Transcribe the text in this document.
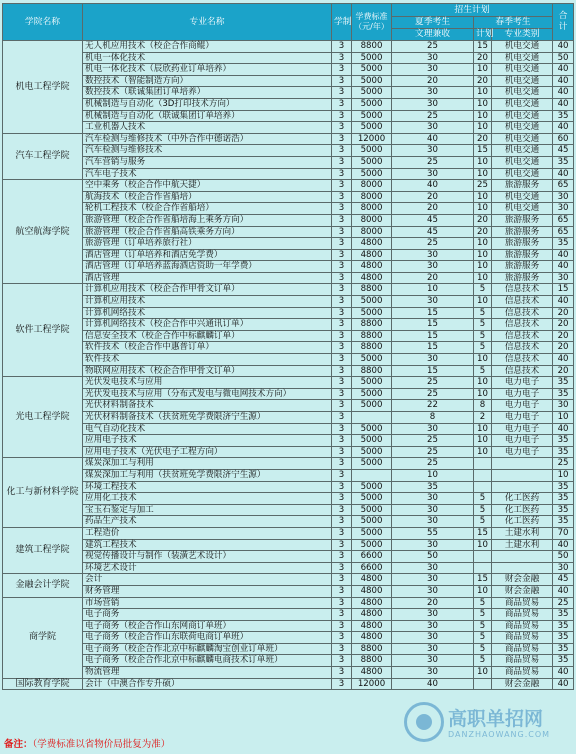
学院名称	专业名称	学制	学费标准（元/年）	招生计划			合计
				夏季考生	春季考生		
				文理兼收	计划	专业类别	
机电工程学院	无人机应用技术（校企合作商鲲）	3	8800	25	15	机电交通	40
	机电一体化技术	3	5000	30	20	机电交通	50
	机电一体化技术（辰欣药业订单培养）	3	5000	30	10	机电交通	40
	数控技术（智能制造方向）	3	5000	20	20	机电交通	40
	数控技术（联诚集团订单培养）	3	5000	30	10	机电交通	40
	机械制造与自动化（3D打印技术方向）	3	5000	30	10	机电交通	40
	机械制造与自动化（联诚集团订单培养）	3	5000	25	10	机电交通	35
	工业机器人技术	3	5000	30	10	机电交通	40
汽车工程学院	汽车检测与维修技术（中外合作中德诺浩）	3	12000	40	20	机电交通	60
	汽车检测与维修技术	3	5000	30	15	机电交通	45
	汽车营销与服务	3	5000	25	10	机电交通	35
	汽车电子技术	3	5000	30	10	机电交通	40
航空航海学院	空中乘务（校企合作中航天捷）	3	8000	40	25	旅游服务	65
	航海技术（校企合作省船培）	3	8000	20	10	机电交通	30
	轮机工程技术（校企合作省船培）	3	8000	20	10	机电交通	30
	旅游管理（校企合作省船培海上乘务方向）	3	8000	45	20	旅游服务	65
	旅游管理（校企合作省船高铁乘务方向）	3	8000	45	20	旅游服务	65
	旅游管理（订单培养旅行社）	3	4800	25	10	旅游服务	35
	酒店管理（订单培养和酒店免学费）	3	4800	30	10	旅游服务	40
	酒店管理（订单培养蓝海酒店资助一年学费）	3	4800	30	10	旅游服务	40
	酒店管理	3	4800	20	10	旅游服务	30
软件工程学院	计算机应用技术（校企合作甲骨文订单）	3	8800	10	5	信息技术	15
	计算机应用技术	3	5000	30	10	信息技术	40
	计算机网络技术	3	5000	15	5	信息技术	20
	计算机网络技术（校企合作中兴通讯订单）	3	8800	15	5	信息技术	20
	信息安全技术（校企合作中标麒麟订单）	3	8800	15	5	信息技术	20
	软件技术（校企合作中惠普订单）	3	8800	15	5	信息技术	20
	软件技术	3	5000	30	10	信息技术	40
	物联网应用技术（校企合作甲骨文订单）	3	8800	15	5	信息技术	20
光电工程学院	光伏发电技术与应用	3	5000	25	10	电力电子	35
	光伏发电技术与应用（分布式发电与微电网技术方向）	3	5000	25	10	电力电子	35
	光伏材料制备技术	3	5000	22	8	电力电子	30
	光伏材料制备技术（扶贫班免学费限济宁生源）	3		8	2	电力电子	10
	电气自动化技术	3	5000	30	10	电力电子	40
	应用电子技术	3	5000	25	10	电力电子	35
	应用电子技术（光伏电子工程方向）	3	5000	25	10	电力电子	35
化工与新材料学院	煤炭深加工与利用	3	5000	25			25
	煤炭深加工与利用（扶贫班免学费限济宁生源）	3		10			10
	环境工程技术	3	5000	35			35
	应用化工技术	3	5000	30	5	化工医药	35
	宝玉石鉴定与加工	3	5000	30	5	化工医药	35
	药品生产技术	3	5000	30	5	化工医药	35
建筑工程学院	工程造价	3	5000	55	15	土建水利	70
	建筑工程技术	3	5000	30	10	土建水利	40
	视觉传播设计与制作（装潢艺术设计）	3	6600	50			50
	环境艺术设计	3	6600	30			30
金融会计学院	会计	3	4800	30	15	财会金融	45
	财务管理	3	4800	30	10	财会金融	40
商学院	市场营销	3	4800	20	5	商品贸易	25
	电子商务	3	4800	30	5	商品贸易	35
	电子商务（校企合作山东网商订单班）	3	4800	30	5	商品贸易	35
	电子商务（校企合作山东联荷电商订单班）	3	4800	30	5	商品贸易	35
	电子商务（校企合作北京中标麒麟淘宝创业订单班）	3	8800	30	5	商品贸易	35
	电子商务（校企合作北京中标麒麟电商技术订单班）	3	8800	30	5	商品贸易	35
	物流管理	3	4800	30	10	商品贸易	40
国际教育学院	会计（中澳合作专升硕）	3	12000	40		财会金融	40
备注：（学费标准以省物价局批复为准）
高职单招网
DANZHAOWANG.COM
